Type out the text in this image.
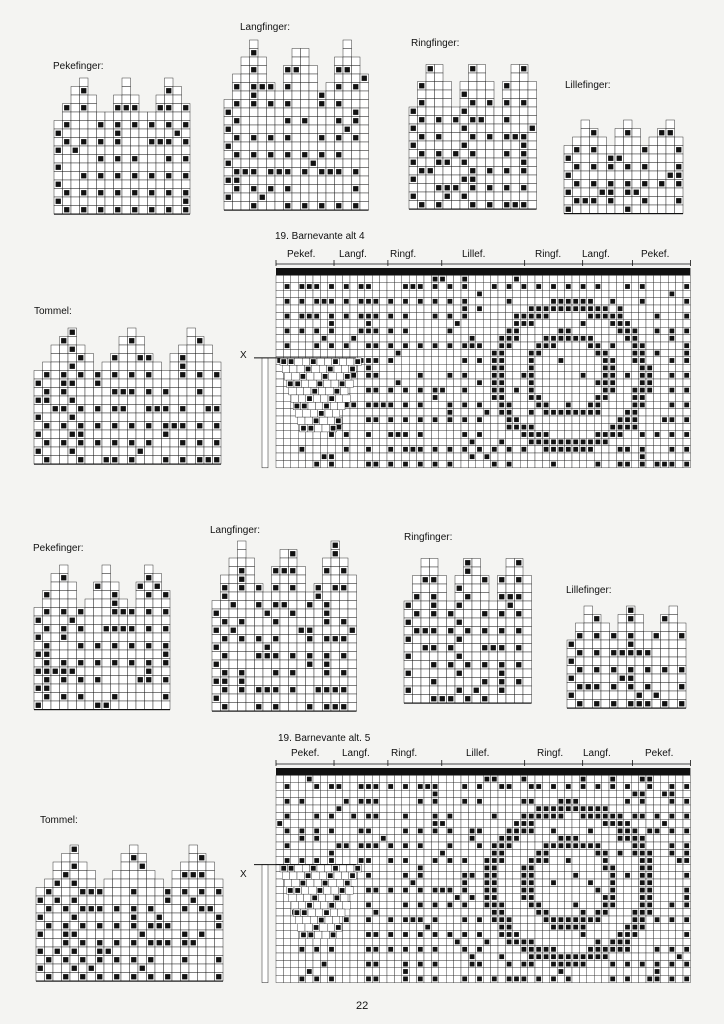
Pekefinger:
Langfinger:
Ringfinger:
Lillefinger:
19. Barnevante alt 4
Pekef. Langf. Ringf.	Lillef.	Ringf. Langf.	Pekef.
Tommel:
X
Pekefinger:
Langfinger:
Ringfinger:
Lillefinger:
19. Barnevante alt. 5
Pekef. Langf. Ringf.	Lillef.	Ringf. Langf.	Pekef.
Tommel:
X
22
